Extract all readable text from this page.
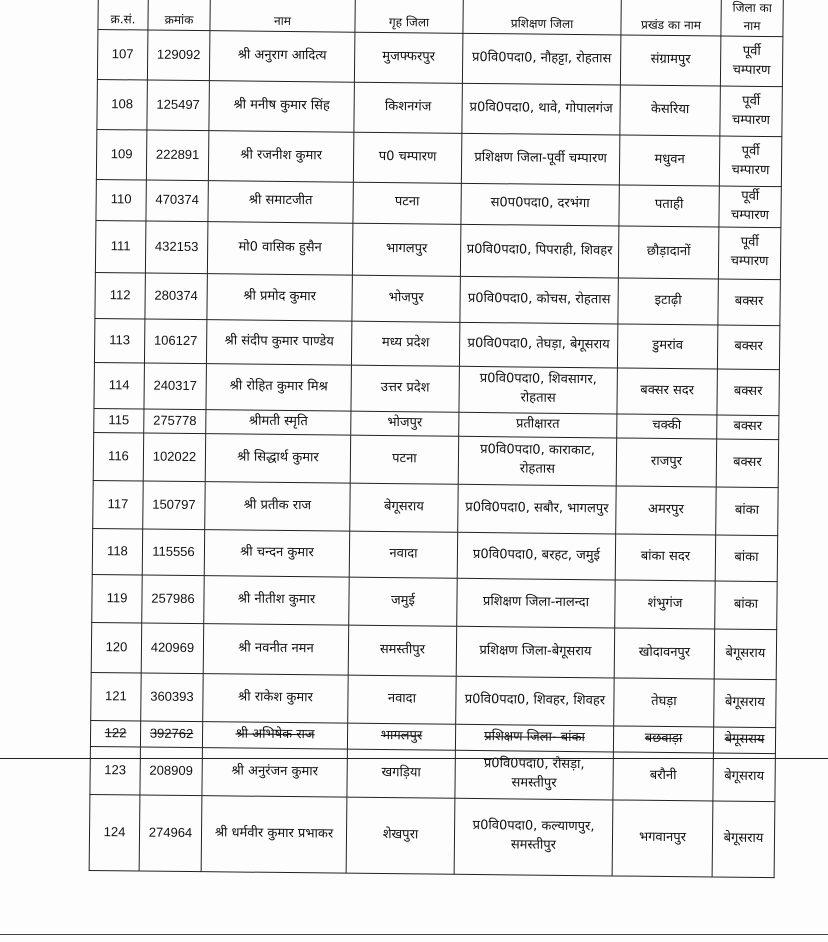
क्र.सं.	क्रमांक	नाम	गृह जिला	प्रशिक्षण जिला	प्रखंड का नाम	जिला का नाम
107	129092	श्री अनुराग आदित्य	मुजफ्फरपुर	प्र0वि0पदा0, नौहट्टा, रोहतास	संग्रामपुर	पूर्वी चम्पारण
108	125497	श्री मनीष कुमार सिंह	किशनगंज	प्र0वि0पदा0, थावे, गोपालगंज	केसरिया	पूर्वी चम्पारण
109	222891	श्री रजनीश कुमार	प0 चम्पारण	प्रशिक्षण जिला-पूर्वी चम्पारण	मधुवन	पूर्वी चम्पारण
110	470374	श्री समाटजीत	पटना	स0प0पदा0, दरभंगा	पताही	पूर्वी चम्पारण
111	432153	मो0 वासिक हुसैन	भागलपुर	प्र0वि0पदा0, पिपराही, शिवहर	छौड़ादानों	पूर्वी चम्पारण
112	280374	श्री प्रमोद कुमार	भोजपुर	प्र0वि0पदा0, कोचस, रोहतास	इटाढ़ी	बक्सर
113	106127	श्री संदीप कुमार पाण्डेय	मध्य प्रदेश	प्र0वि0पदा0, तेघड़ा, बेगूसराय	डुमरांव	बक्सर
114	240317	श्री रोहित कुमार मिश्र	उत्तर प्रदेश	प्र0वि0पदा0, शिवसागर, रोहतास	बक्सर सदर	बक्सर
115	275778	श्रीमती स्मृति	भोजपुर	प्रतीक्षारत	चक्की	बक्सर
116	102022	श्री सिद्धार्थ कुमार	पटना	प्र0वि0पदा0, काराकाट, रोहतास	राजपुर	बक्सर
117	150797	श्री प्रतीक राज	बेगूसराय	प्र0वि0पदा0, सबौर, भागलपुर	अमरपुर	बांका
118	115556	श्री चन्दन कुमार	नवादा	प्र0वि0पदा0, बरहट, जमुई	बांका सदर	बांका
119	257986	श्री नीतीश कुमार	जमुई	प्रशिक्षण जिला-नालन्दा	शंभुगंज	बांका
120	420969	श्री नवनीत नमन	समस्तीपुर	प्रशिक्षण जिला-बेगूसराय	खोदावनपुर	बेगूसराय
121	360393	श्री राकेश कुमार	नवादा	प्र0वि0पदा0, शिवहर, शिवहर	तेघड़ा	बेगूसराय
122	392762	श्री अभिषेक राज	भागलपुर	प्रशिक्षण जिला- बांका	बछवाड़ा	बेगूसराय
123	208909	श्री अनुरंजन कुमार	खगड़िया	प्र0वि0पदा0, रोसड़ा, समस्तीपुर	बरौनी	बेगूसराय
124	274964	श्री धर्मवीर कुमार प्रभाकर	शेखपुरा	प्र0वि0पदा0, कल्याणपुर, समस्तीपुर	भगवानपुर	बेगूसराय
